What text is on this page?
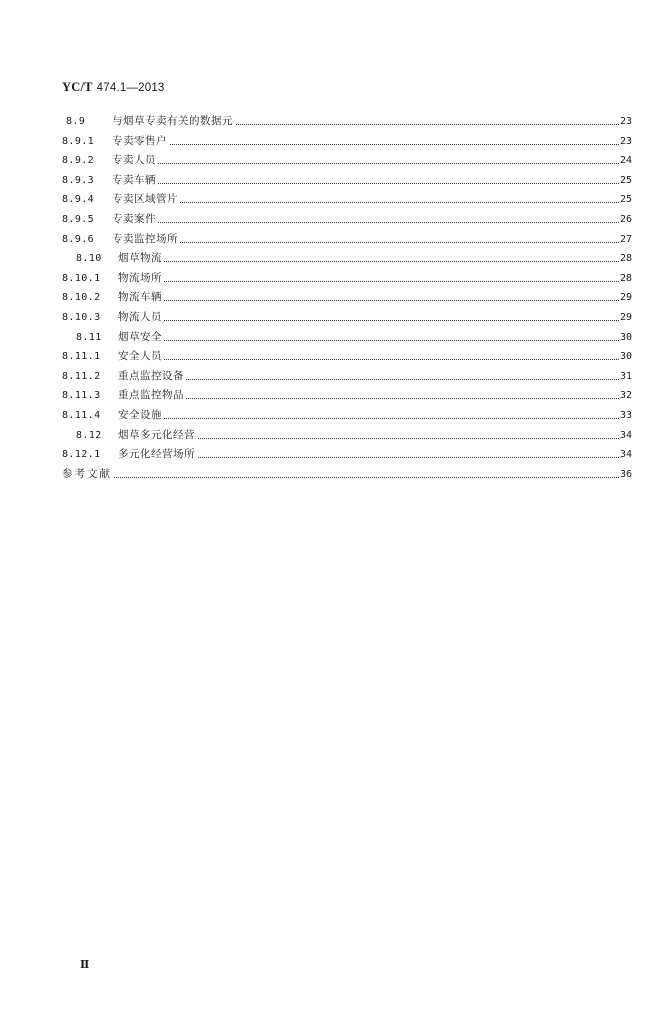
YC/T 474.1—2013
8.9	与烟草专卖有关的数据元	23
8.9.1 专卖零售户	23
8.9.2 专卖人员	24
8.9.3 专卖车辆	25
8.9.4 专卖区域管片	25
8.9.5 专卖案件	26
8.9.6 专卖监控场所	27
8.10 烟草物流	28
8.10.1 物流场所	28
8.10.2 物流车辆	29
8.10.3 物流人员	29
8.11 烟草安全	30
8.11.1 安全人员	30
8.11.2 重点监控设备	31
8.11.3 重点监控物品	32
8.11.4 安全设施	33
8.12 烟草多元化经营	34
8.12.1 多元化经营场所	34
参考文献	36
Ⅱ
